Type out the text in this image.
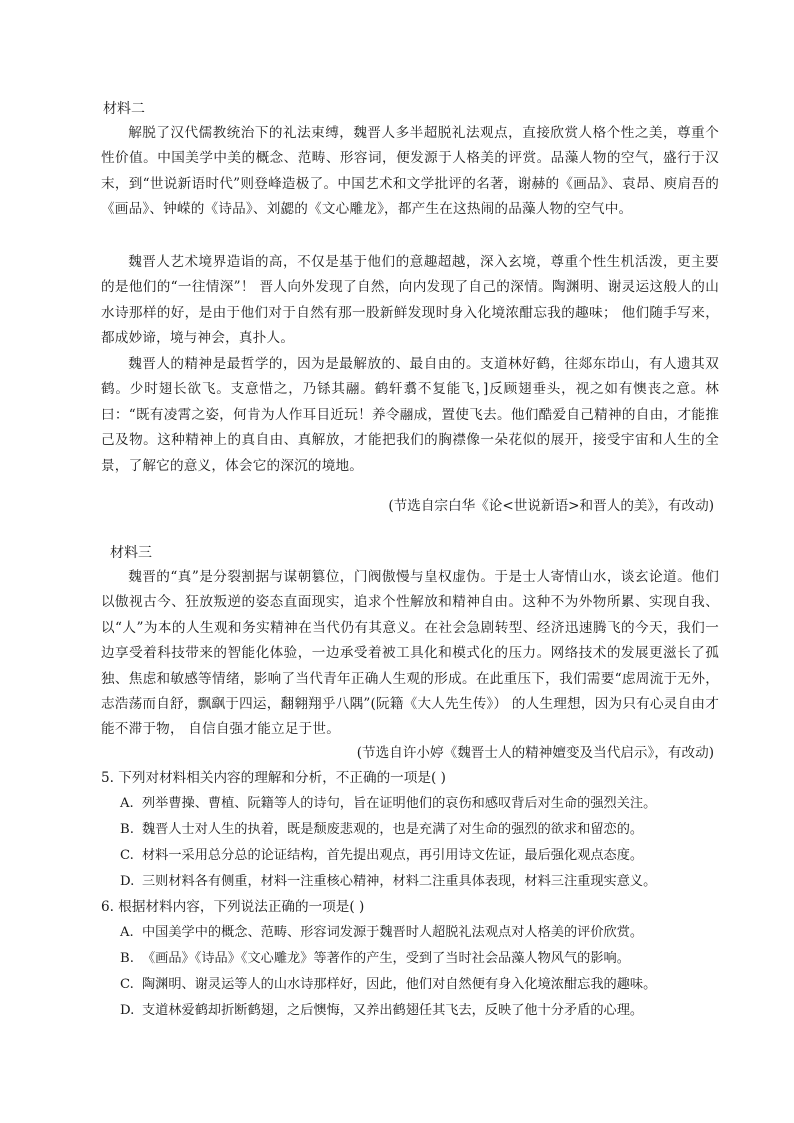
材料二

解脱了汉代儒教统治下的礼法束缚，魏晋人多半超脱礼法观点，直接欣赏人格个性之美，尊重个性价值。中国美学中美的概念、范畴、形容词，便发源于人格美的评赏。品藻人物的空气，盛行于汉末，到“世说新语时代”则登峰造极了。中国艺术和文学批评的名著，谢赫的《画品》、袁昂、庾肩吾的《画品》、钟嵘的《诗品》、刘勰的《文心雕龙》，都产生在这热闹的品藻人物的空气中。

魏晋人艺术境界造诣的高，不仅是基于他们的意趣超越，深入玄境，尊重个性生机活泼，更主要的是他们的“一往情深”！ 晋人向外发现了自然，向内发现了自己的深情。陶渊明、谢灵运这般人的山水诗那样的好，是由于他们对于自然有那一股新鲜发现时身入化境浓酣忘我的趣味； 他们随手写来，都成妙谛，境与神会，真扑人。

魏晋人的精神是最哲学的，因为是最解放的、最自由的。支道林好鹤，往郯东岇山，有人遗其双鹤。少时翅长欲飞。支意惜之，乃铩其翮。鹤轩翥不复能飞，]反顾翅垂头，视之如有懊丧之意。林曰：“既有凌霄之姿，何肯为人作耳目近玩！养令翮成，置使飞去。他们酷爱自己精神的自由，才能推己及物。这种精神上的真自由、真解放，才能把我们的胸襟像一朵花似的展开，接受宇宙和人生的全景，了解它的意义，体会它的深沉的境地。

(节选自宗白华《论<世说新语>和晋人的美》，有改动)
材料三

魏晋的“真”是分裂割据与谋朝篡位，门阀傲慢与皇权虚伪。于是士人寄情山水，谈玄论道。他们以傲视古今、狂放叛逆的姿态直面现实，追求个性解放和精神自由。这种不为外物所累、实现自我、以“人”为本的人生观和务实精神在当代仍有其意义。在社会急剧转型、经济迅速腾飞的今天，我们一边享受着科技带来的智能化体验，一边承受着被工具化和模式化的压力。网络技术的发展更滋长了孤独、焦虑和敏感等情绪，影响了当代青年正确人生观的形成。在此重压下，我们需要“虑周流于无外，志浩荡而自舒，飘飖于四运，翻翱翔乎八隅”(阮籍《大人先生传》） 的人生理想，因为只有心灵自由才能不滞于物， 自信自强才能立足于世。

(节选自许小婷《魏晋士人的精神嬗变及当代启示》，有改动)
5. 下列对材料相关内容的理解和分析，不正确的一项是( )
A. 列举曹操、曹植、阮籍等人的诗句，旨在证明他们的哀伤和感叹背后对生命的强烈关注。
B. 魏晋人士对人生的执着，既是颓废悲观的，也是充满了对生命的强烈的欲求和留恋的。
C. 材料一采用总分总的论证结构，首先提出观点，再引用诗文佐证，最后强化观点态度。
D. 三则材料各有侧重，材料一注重核心精神，材料二注重具体表现，材料三注重现实意义。
6. 根据材料内容，下列说法正确的一项是( )
A. 中国美学中的概念、范畴、形容词发源于魏晋时人超脱礼法观点对人格美的评价欣赏。
B. 《画品》《诗品》《文心雕龙》等著作的产生，受到了当时社会品藻人物风气的影响。
C. 陶渊明、谢灵运等人的山水诗那样好，因此，他们对自然便有身入化境浓酣忘我的趣味。
D. 支道林爱鹤却折断鹤翅，之后懊悔，又养出鹤翅任其飞去，反映了他十分矛盾的心理。
